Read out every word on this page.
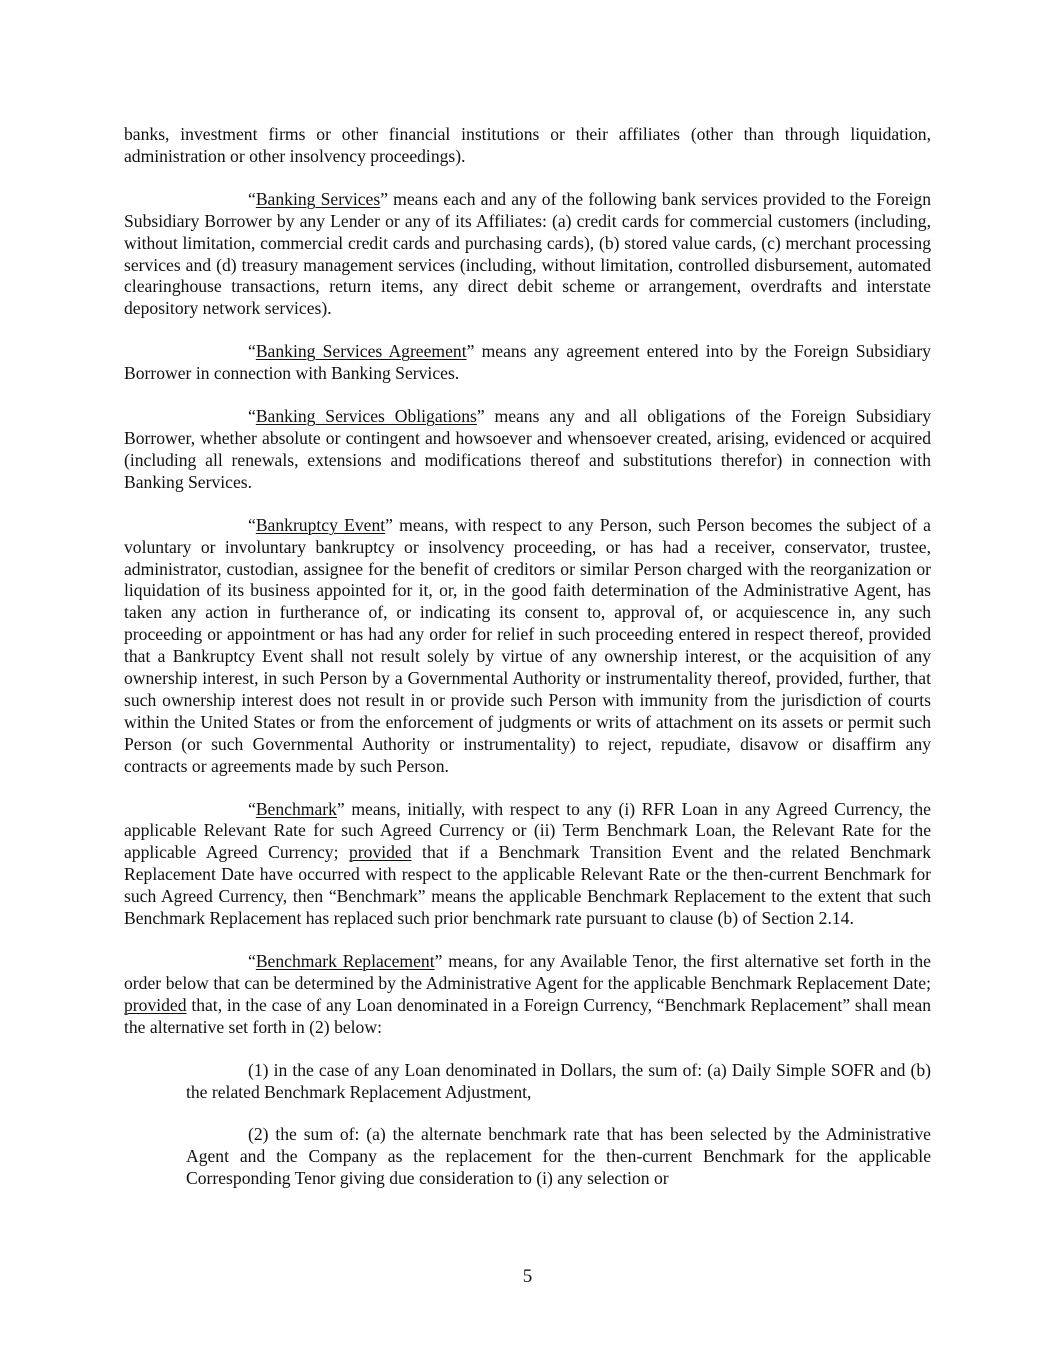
banks, investment firms or other financial institutions or their affiliates (other than through liquidation, administration or other insolvency proceedings).

“Banking Services” means each and any of the following bank services provided to the Foreign Subsidiary Borrower by any Lender or any of its Affiliates: (a) credit cards for commercial customers (including, without limitation, commercial credit cards and purchasing cards), (b) stored value cards, (c) merchant processing services and (d) treasury management services (including, without limitation, controlled disbursement, automated clearinghouse transactions, return items, any direct debit scheme or arrangement, overdrafts and interstate depository network services).

“Banking Services Agreement” means any agreement entered into by the Foreign Subsidiary Borrower in connection with Banking Services.

“Banking Services Obligations” means any and all obligations of the Foreign Subsidiary Borrower, whether absolute or contingent and howsoever and whensoever created, arising, evidenced or acquired (including all renewals, extensions and modifications thereof and substitutions therefor) in connection with Banking Services.

“Bankruptcy Event” means, with respect to any Person, such Person becomes the subject of a voluntary or involuntary bankruptcy or insolvency proceeding, or has had a receiver, conservator, trustee, administrator, custodian, assignee for the benefit of creditors or similar Person charged with the reorganization or liquidation of its business appointed for it, or, in the good faith determination of the Administrative Agent, has taken any action in furtherance of, or indicating its consent to, approval of, or acquiescence in, any such proceeding or appointment or has had any order for relief in such proceeding entered in respect thereof, provided that a Bankruptcy Event shall not result solely by virtue of any ownership interest, or the acquisition of any ownership interest, in such Person by a Governmental Authority or instrumentality thereof, provided, further, that such ownership interest does not result in or provide such Person with immunity from the jurisdiction of courts within the United States or from the enforcement of judgments or writs of attachment on its assets or permit such Person (or such Governmental Authority or instrumentality) to reject, repudiate, disavow or disaffirm any contracts or agreements made by such Person.

“Benchmark” means, initially, with respect to any (i) RFR Loan in any Agreed Currency, the applicable Relevant Rate for such Agreed Currency or (ii) Term Benchmark Loan, the Relevant Rate for the applicable Agreed Currency; provided that if a Benchmark Transition Event and the related Benchmark Replacement Date have occurred with respect to the applicable Relevant Rate or the then-current Benchmark for such Agreed Currency, then “Benchmark” means the applicable Benchmark Replacement to the extent that such Benchmark Replacement has replaced such prior benchmark rate pursuant to clause (b) of Section 2.14.

“Benchmark Replacement” means, for any Available Tenor, the first alternative set forth in the order below that can be determined by the Administrative Agent for the applicable Benchmark Replacement Date; provided that, in the case of any Loan denominated in a Foreign Currency, “Benchmark Replacement” shall mean the alternative set forth in (2) below:

(1) in the case of any Loan denominated in Dollars, the sum of: (a) Daily Simple SOFR and (b) the related Benchmark Replacement Adjustment,

(2) the sum of: (a) the alternate benchmark rate that has been selected by the Administrative Agent and the Company as the replacement for the then-current Benchmark for the applicable Corresponding Tenor giving due consideration to (i) any selection or

5
